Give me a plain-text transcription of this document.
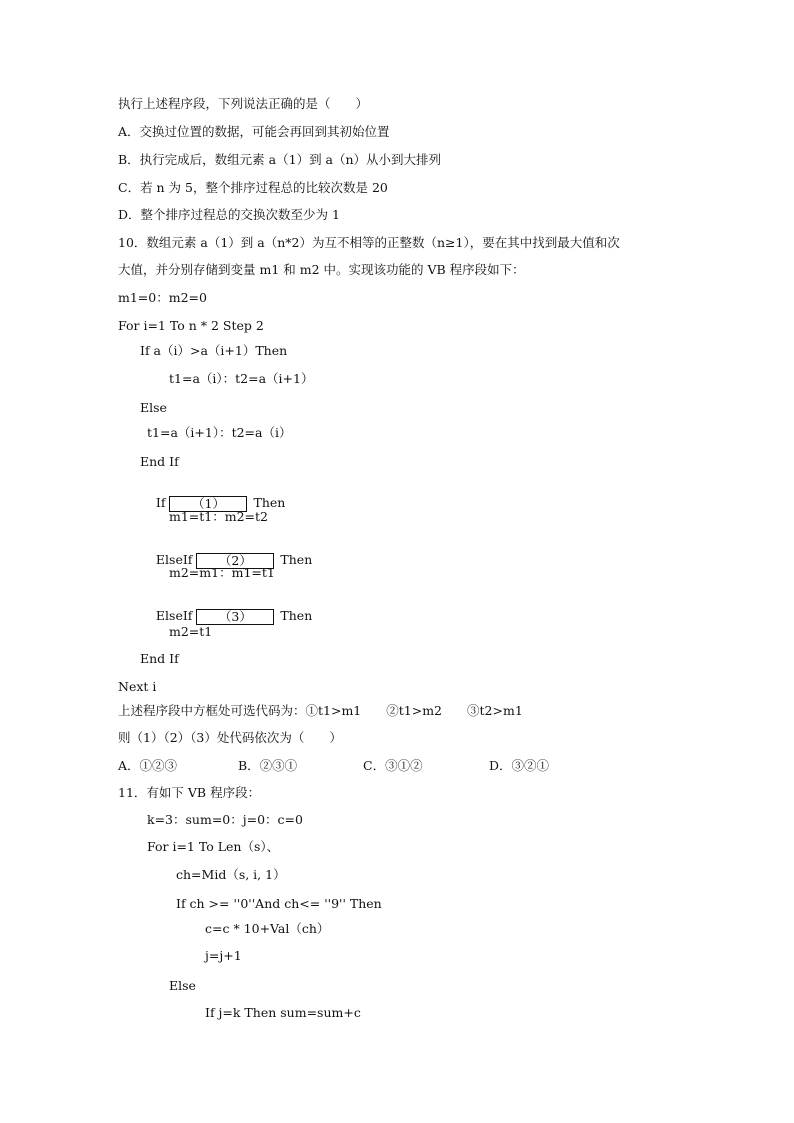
执行上述程序段，下列说法正确的是（　　）
A．交换过位置的数据，可能会再回到其初始位置
B．执行完成后，数组元素 a（1）到 a（n）从小到大排列
C．若 n 为 5，整个排序过程总的比较次数是 20
D．整个排序过程总的交换次数至少为 1
10．数组元素 a（1）到 a（n*2）为互不相等的正整数（n≥1），要在其中找到最大值和次
大值，并分别存储到变量 m1 和 m2 中。实现该功能的 VB 程序段如下：
m1=0：m2=0
For i=1 To n * 2 Step 2
If a（i）>a（i+1）Then
t1=a（i）：t2=a（i+1）
Else
t1=a（i+1）：t2=a（i）
End If

If （1） Then

m1=t1：m2=t2

ElseIf （2） Then

m2=m1：m1=t1

ElseIf （3） Then

m2=t1
End If
Next i
上述程序段中方框处可选代码为：①t1>m1　　②t1>m2　　③t2>m1
则（1）（2）（3）处代码依次为（　　）
A．①②③	B．②③①	C．③①②	D．③②①
11．有如下 VB 程序段：
k=3：sum=0：j=0：c=0
For i=1 To Len（s）、
ch=Mid（s, i, 1）
If ch >= ''0''And ch<= ''9'' Then
c=c * 10+Val（ch）
j=j+1
Else
If j=k Then sum=sum+c
